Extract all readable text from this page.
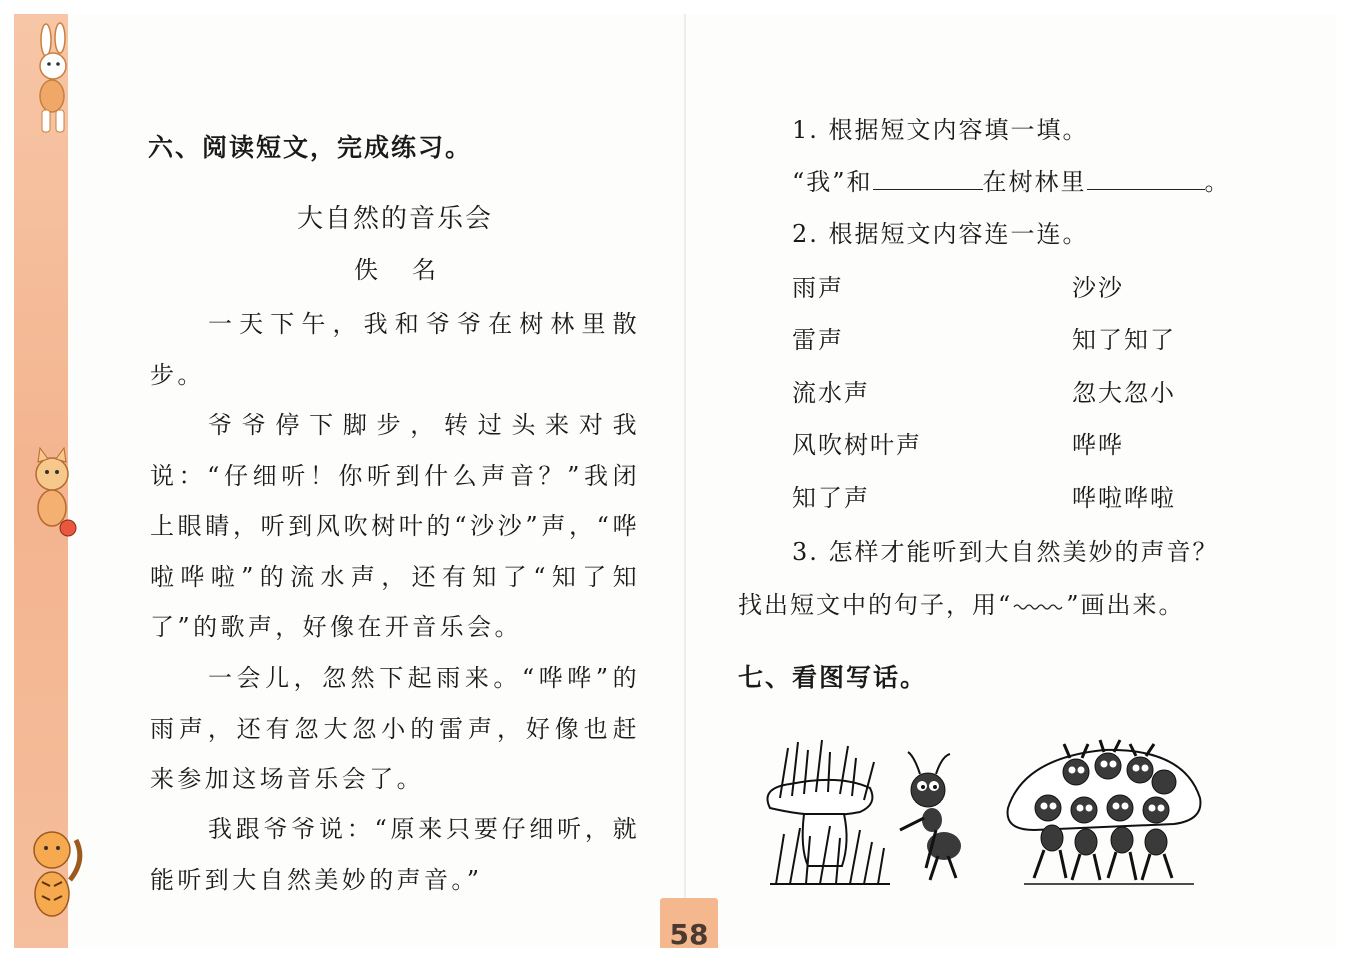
六、阅读短文，完成练习。
大自然的音乐会
佚名

一天下午，我和爷爷在树林里散步。

爷爷停下脚步，转过头来对我说：“仔细听！你听到什么声音？”我闭上眼睛，听到风吹树叶的“沙沙”声，“哗啦哗啦”的流水声，还有知了“知了知了”的歌声，好像在开音乐会。

一会儿，忽然下起雨来。“哗哗”的雨声，还有忽大忽小的雷声，好像也赶来参加这场音乐会了。

我跟爷爷说：“原来只要仔细听，就能听到大自然美妙的声音。”

1. 根据短文内容填一填。
“我”和	在树林里	。
2. 根据短文内容连一连。
雨声
雷声
流水声
风吹树叶声
知了声
沙沙
知了知了
忽大忽小
哗哗
哗啦哗啦
3. 怎样才能听到大自然美妙的声音？
找出短文中的句子，用“ ”画出来。
七、看图写话。
58
